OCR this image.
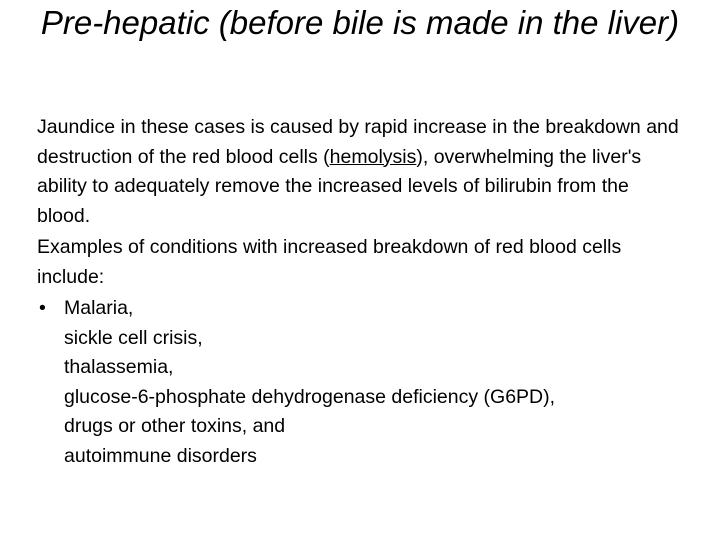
Pre-hepatic (before bile is made in the liver)

Jaundice in these cases is caused by rapid increase in the breakdown and destruction of the red blood cells (hemolysis), overwhelming the liver's ability to adequately remove the increased levels of bilirubin from the blood.

Examples of conditions with increased breakdown of red blood cells include:

• Malaria,
sickle cell crisis,
thalassemia,
glucose-6-phosphate dehydrogenase deficiency (G6PD),
drugs or other toxins, and
autoimmune disorders
